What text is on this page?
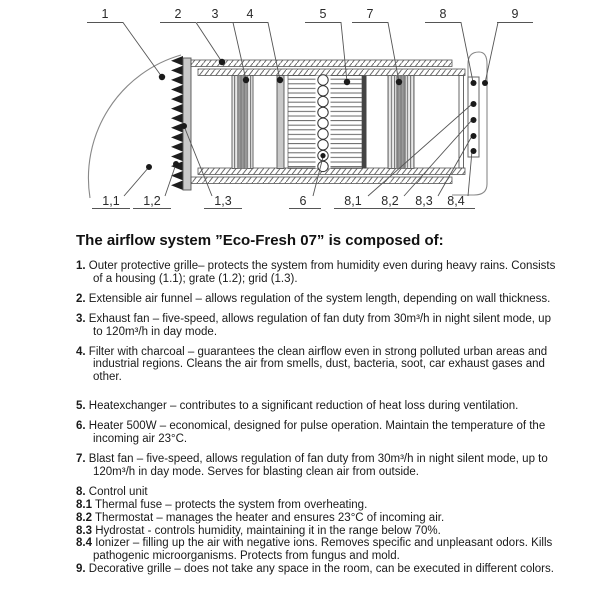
1	2 3 4	5	7	8	9
1,1 1,2	1,3	6	8,1 8,2 8,3 8,4
The airflow system ”Eco-Fresh 07” is composed of:
1. Outer protective grille– protects the system from humidity even during heavy rains. Consists of a housing (1.1); grate (1.2); grid (1.3).
2. Extensible air funnel – allows regulation of the system length, depending on wall thickness.
3. Exhaust fan – five-speed, allows regulation of fan duty from 30m³/h in night silent mode, up to 120m³/h in day mode.
4. Filter with charcoal – guarantees the clean airflow even in strong polluted urban areas and industrial regions. Cleans the air from smells, dust, bacteria, soot, car exhaust gases and other.
5. Heatexchanger – contributes to a significant reduction of heat loss during ventilation.
6. Heater 500W – economical, designed for pulse operation. Maintain the temperature of the incoming air 23°C.
7. Blast fan – five-speed, allows regulation of fan duty from 30m³/h in night silent mode, up to 120m³/h in day mode. Serves for blasting clean air from outside.
8. Control unit
8.1 Thermal fuse – protects the system from overheating.
8.2 Thermostat – manages the heater and ensures 23°C of incoming air.
8.3 Hydrostat - controls humidity, maintaining it in the range below 70%.
8.4 Ionizer – filling up the air with negative ions. Removes specific and unpleasant odors. Kills pathogenic microorganisms. Protects from fungus and mold.
9. Decorative grille – does not take any space in the room, can be executed in different colors.
